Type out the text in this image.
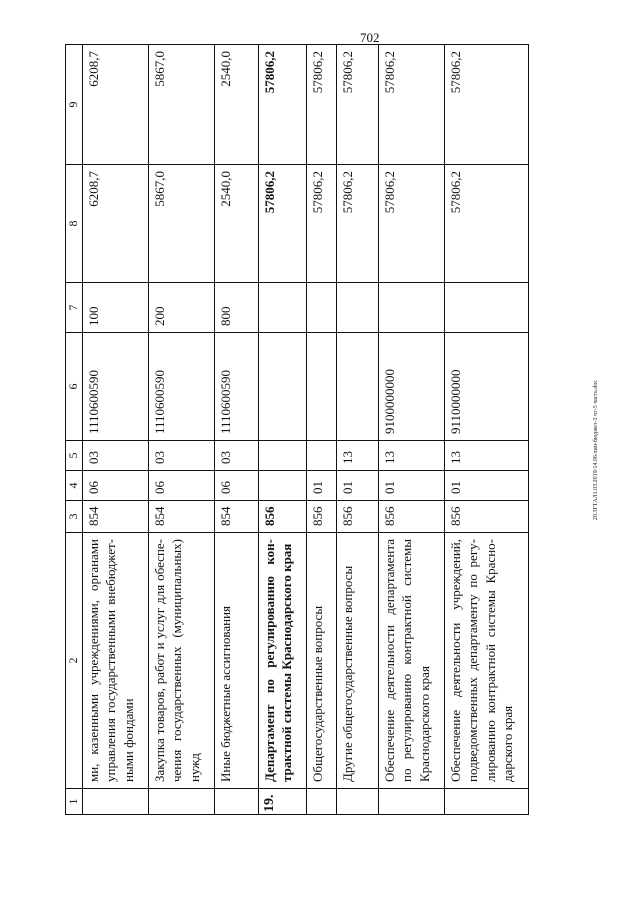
702
20.3ГТАЛ1.03.2019/14.06/лин-бюджет-3 чт-5 часть.doc
1	2	3	4	5	6	7	8	9
	ми, казенными учреждениями, органами управления государственными внебюджет-ными фондами	854	06	03	1110600590	100	6208,7	6208,7
	Закупка товаров, работ и услуг для обеспе-чения государственных (муниципальных) нужд	854	06	03	1110600590	200	5867,0	5867,0
	Иные бюджетные ассигнования	854	06	03	1110600590	800	2540,0	2540,0
19.	Департамент по регулированию кон-трактной системы Краснодарского края	856					57806,2	57806,2
	Общегосударственные вопросы	856	01				57806,2	57806,2
	Другие общегосударственные вопросы	856	01	13			57806,2	57806,2
	Обеспечение деятельности департамента по регулированию контрактной системы Краснодарского края	856	01	13	9100000000		57806,2	57806,2
	Обеспечение деятельности учреждений, подведомственных департаменту по регу-лированию контрактной системы Красно-дарского края	856	01	13	9110000000		57806,2	57806,2
